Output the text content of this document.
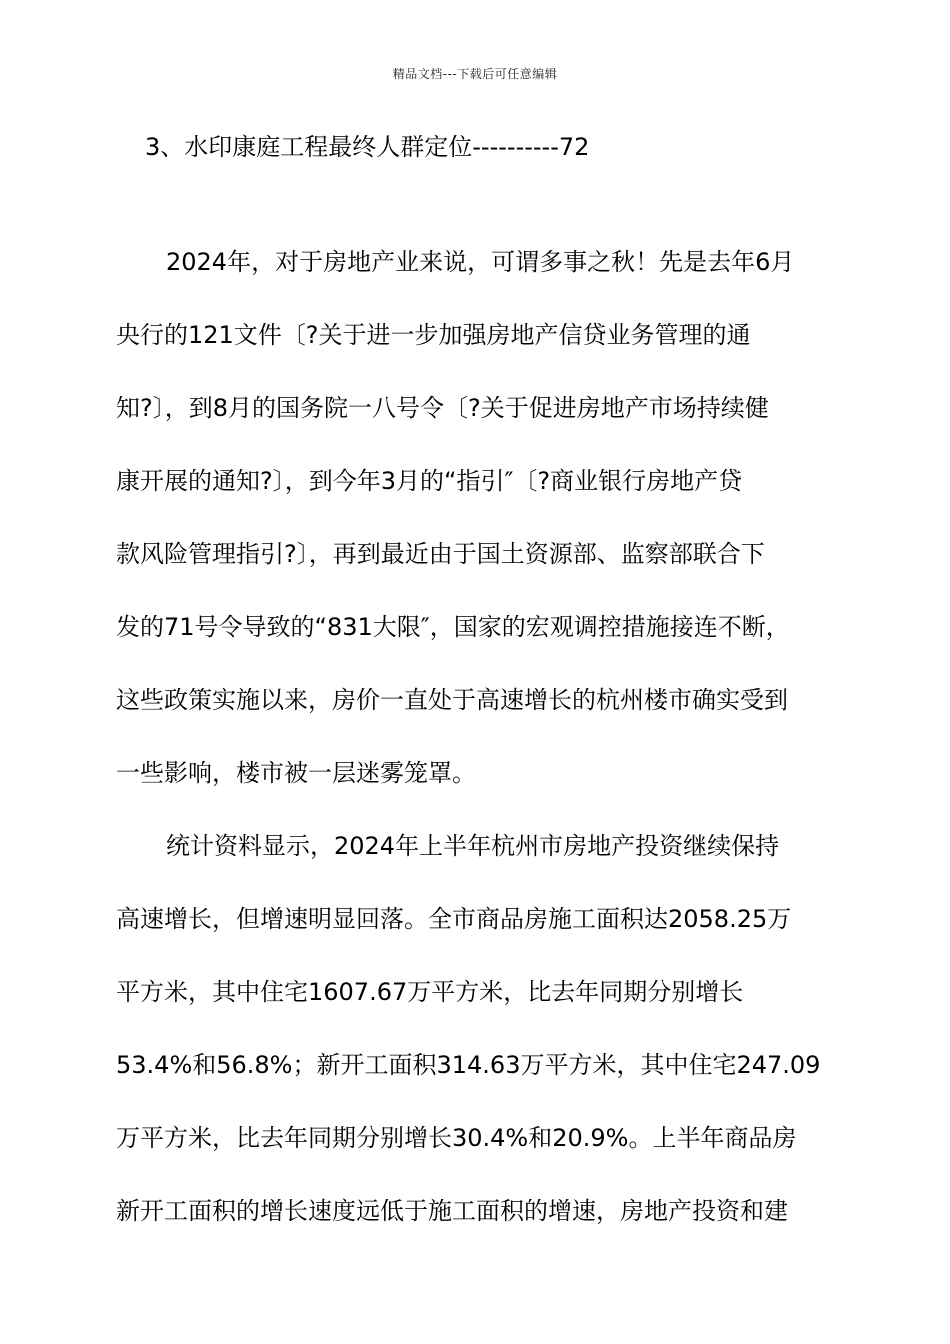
精品文档---下载后可任意编辑
3、水印康庭工程最终人群定位----------72
2024年，对于房地产业来说，可谓多事之秋！先是去年6月
央行的121文件〔?关于进一步加强房地产信贷业务管理的通
知?〕，到8月的国务院一八号令〔?关于促进房地产市场持续健
康开展的通知?〕，到今年3月的“指引″〔?商业银行房地产贷
款风险管理指引?〕，再到最近由于国土资源部、监察部联合下
发的71号令导致的“831大限″，国家的宏观调控措施接连不断，
这些政策实施以来，房价一直处于高速增长的杭州楼市确实受到
一些影响，楼市被一层迷雾笼罩。
统计资料显示，2024年上半年杭州市房地产投资继续保持
高速增长，但增速明显回落。全市商品房施工面积达2058.25万
平方米，其中住宅1607.67万平方米，比去年同期分别增长
53.4%和56.8%；新开工面积314.63万平方米，其中住宅247.09
万平方米，比去年同期分别增长30.4%和20.9%。上半年商品房
新开工面积的增长速度远低于施工面积的增速，房地产投资和建
